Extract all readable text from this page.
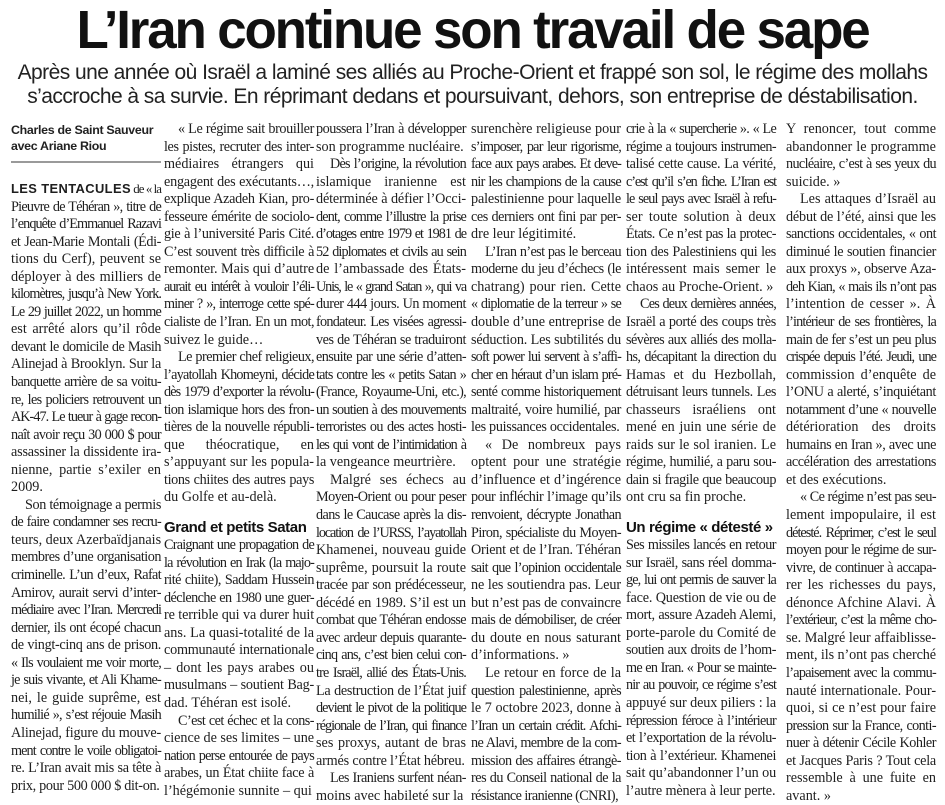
L’Iran continue son travail de sape
Après une année où Israël a laminé ses alliés au Proche-Orient et frappé son sol, le régime des mollahs
s’accroche à sa survie. En réprimant dedans et poursuivant, dehors, son entreprise de déstabilisation.
Charles de Saint Sauveur
avec Ariane Riou

LES TENTACULES de « la
Pieuvre de Téhéran », titre de
l’enquête d’Emmanuel Razavi
et Jean-Marie Montali (Édi-
tions du Cerf), peuvent se
déployer à des milliers de
kilomètres, jusqu’à New York.
Le 29 juillet 2022, un homme
est arrêté alors qu’il rôde
devant le domicile de Masih
Alinejad à Brooklyn. Sur la
banquette arrière de sa voitu-
re, les policiers retrouvent un
AK-47. Le tueur à gage recon-
naît avoir reçu 30 000 $ pour
assassiner la dissidente ira-
nienne, partie s’exiler en
2009.

Son témoignage a permis
de faire condamner ses recru-
teurs, deux Azerbaïdjanais
membres d’une organisation
criminelle. L’un d’eux, Rafat
Amirov, aurait servi d’inter-
médiaire avec l’Iran. Mercredi
dernier, ils ont écopé chacun
de vingt-cinq ans de prison.
« Ils voulaient me voir morte,
je suis vivante, et Ali Khame-
nei, le guide suprême, est
humilié », s’est réjouie Masih
Alinejad, figure du mouve-
ment contre le voile obligatoi-
re. L’Iran avait mis sa tête à
prix, pour 500 000 $ dit-on.

« Le régime sait brouiller
les pistes, recruter des inter-
médiaires étrangers qui
engagent des exécutants…,
explique Azadeh Kian, pro-
fesseure émérite de sociolo-
gie à l’université Paris Cité.
C’est souvent très difficile à
remonter. Mais qui d’autre
aurait eu intérêt à vouloir l’éli-
miner ? », interroge cette spé-
cialiste de l’Iran. En un mot,
suivez le guide…

Le premier chef religieux,
l’ayatollah Khomeyni, décide
dès 1979 d’exporter la révolu-
tion islamique hors des fron-
tières de la nouvelle républi-
que théocratique, en
s’appuyant sur les popula-
tions chiites des autres pays
du Golfe et au-delà.

Grand et petits Satan

Craignant une propagation de
la révolution en Irak (la majo-
rité chiite), Saddam Hussein
déclenche en 1980 une guer-
re terrible qui va durer huit
ans. La quasi-totalité de la
communauté internationale
– dont les pays arabes ou
musulmans – soutient Bag-
dad. Téhéran est isolé.

C’est cet échec et la cons-
cience de ses limites – une
nation perse entourée de pays
arabes, un État chiite face à
l’hégémonie sunnite – qui

poussera l’Iran à développer
son programme nucléaire.

Dès l’origine, la révolution
islamique iranienne est
déterminée à défier l’Occi-
dent, comme l’illustre la prise
d’otages entre 1979 et 1981 de
52 diplomates et civils au sein
de l’ambassade des États-
Unis, le « grand Satan », qui va
durer 444 jours. Un moment
fondateur. Les visées agressi-
ves de Téhéran se traduiront
ensuite par une série d’atten-
tats contre les « petits Satan »
(France, Royaume-Uni, etc.),
un soutien à des mouvements
terroristes ou des actes hosti-
les qui vont de l’intimidation à
la vengeance meurtrière.

Malgré ses échecs au
Moyen-Orient ou pour peser
dans le Caucase après la dis-
location de l’URSS, l’ayatollah
Khamenei, nouveau guide
suprême, poursuit la route
tracée par son prédécesseur,
décédé en 1989. S’il est un
combat que Téhéran endosse
avec ardeur depuis quarante-
cinq ans, c’est bien celui con-
tre Israël, allié des États-Unis.
La destruction de l’État juif
devient le pivot de la politique
régionale de l’Iran, qui finance
ses proxys, autant de bras
armés contre l’État hébreu.

Les Iraniens surfent néan-
moins avec habileté sur la

surenchère religieuse pour
s’imposer, par leur rigorisme,
face aux pays arabes. Et deve-
nir les champions de la cause
palestinienne pour laquelle
ces derniers ont fini par per-
dre leur légitimité.

L’Iran n’est pas le berceau
moderne du jeu d’échecs (le
chatrang) pour rien. Cette
« diplomatie de la terreur » se
double d’une entreprise de
séduction. Les subtilités du
soft power lui servent à s’affi-
cher en héraut d’un islam pré-
senté comme historiquement
maltraité, voire humilié, par
les puissances occidentales.

« De nombreux pays
optent pour une stratégie
d’influence et d’ingérence
pour infléchir l’image qu’ils
renvoient, décrypte Jonathan
Piron, spécialiste du Moyen-
Orient et de l’Iran. Téhéran
sait que l’opinion occidentale
ne les soutiendra pas. Leur
but n’est pas de convaincre
mais de démobiliser, de créer
du doute en nous saturant
d’informations. »

Le retour en force de la
question palestinienne, après
le 7 octobre 2023, donne à
l’Iran un certain crédit. Afchi-
ne Alavi, membre de la com-
mission des affaires étrangè-
res du Conseil national de la
résistance iranienne (CNRI),

crie à la « supercherie ». « Le
régime a toujours instrumen-
talisé cette cause. La vérité,
c’est qu’il s’en fiche. L’Iran est
le seul pays avec Israël à refu-
ser toute solution à deux
États. Ce n’est pas la protec-
tion des Palestiniens qui les
intéressent mais semer le
chaos au Proche-Orient. »

Ces deux dernières années,
Israël a porté des coups très
sévères aux alliés des molla-
hs, décapitant la direction du
Hamas et du Hezbollah,
détruisant leurs tunnels. Les
chasseurs israéliens ont
mené en juin une série de
raids sur le sol iranien. Le
régime, humilié, a paru sou-
dain si fragile que beaucoup
ont cru sa fin proche.

Un régime « détesté »

Ses missiles lancés en retour
sur Israël, sans réel domma-
ge, lui ont permis de sauver la
face. Question de vie ou de
mort, assure Azadeh Alemi,
porte-parole du Comité de
soutien aux droits de l’hom-
me en Iran. « Pour se mainte-
nir au pouvoir, ce régime s’est
appuyé sur deux piliers : la
répression féroce à l’intérieur
et l’exportation de la révolu-
tion à l’extérieur. Khamenei
sait qu’abandonner l’un ou
l’autre mènera à leur perte.

Y renoncer, tout comme
abandonner le programme
nucléaire, c’est à ses yeux du
suicide. »

Les attaques d’Israël au
début de l’été, ainsi que les
sanctions occidentales, « ont
diminué le soutien financier
aux proxys », observe Aza-
deh Kian, « mais ils n’ont pas
l’intention de cesser ». À
l’intérieur de ses frontières, la
main de fer s’est un peu plus
crispée depuis l’été. Jeudi, une
commission d’enquête de
l’ONU a alerté, s’inquiétant
notamment d’une « nouvelle
détérioration des droits
humains en Iran », avec une
accélération des arrestations
et des exécutions.

« Ce régime n’est pas seu-
lement impopulaire, il est
détesté. Réprimer, c’est le seul
moyen pour le régime de sur-
vivre, de continuer à accapa-
rer les richesses du pays,
dénonce Afchine Alavi. À
l’extérieur, c’est la même cho-
se. Malgré leur affaiblisse-
ment, ils n’ont pas cherché
l’apaisement avec la commu-
nauté internationale. Pour-
quoi, si ce n’est pour faire
pression sur la France, conti-
nuer à détenir Cécile Kohler
et Jacques Paris ? Tout cela
ressemble à une fuite en
avant. »
